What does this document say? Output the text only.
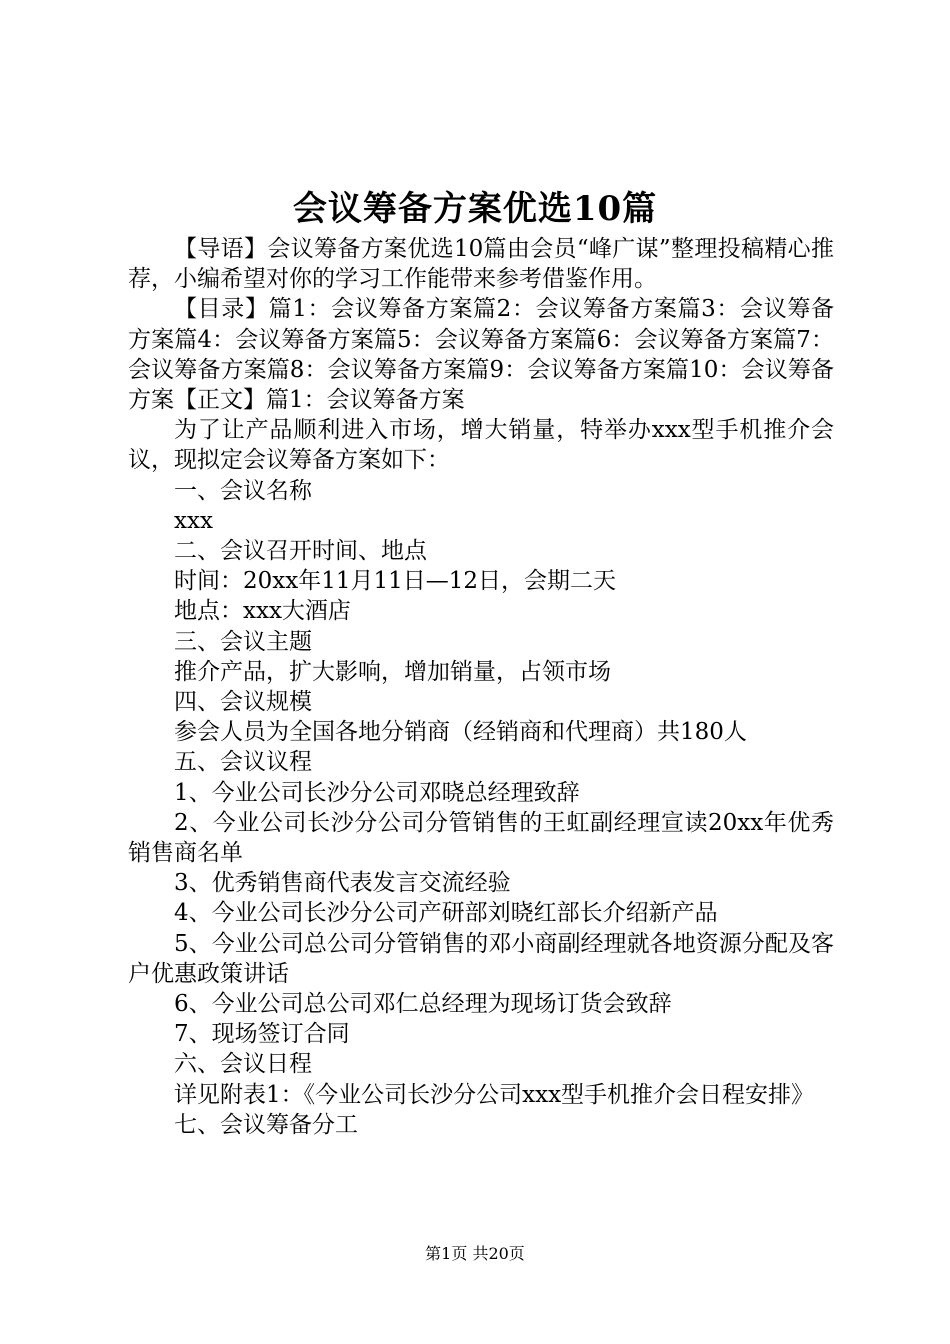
会议筹备方案优选10篇

【导语】会议筹备方案优选10篇由会员“峰广谋”整理投稿精心推荐，小编希望对你的学习工作能带来参考借鉴作用。

【目录】篇1：会议筹备方案篇2：会议筹备方案篇3：会议筹备方案篇4：会议筹备方案篇5：会议筹备方案篇6：会议筹备方案篇7：会议筹备方案篇8：会议筹备方案篇9：会议筹备方案篇10：会议筹备方案【正文】篇1：会议筹备方案

为了让产品顺利进入市场，增大销量，特举办xxx型手机推介会议，现拟定会议筹备方案如下：

一、会议名称

xxx

二、会议召开时间、地点

时间：20xx年11月11日—12日，会期二天

地点：xxx大酒店

三、会议主题

推介产品，扩大影响，增加销量，占领市场

四、会议规模

参会人员为全国各地分销商（经销商和代理商）共180人

五、会议议程

1、今业公司长沙分公司邓晓总经理致辞

2、今业公司长沙分公司分管销售的王虹副经理宣读20xx年优秀销售商名单

3、优秀销售商代表发言交流经验

4、今业公司长沙分公司产研部刘晓红部长介绍新产品

5、今业公司总公司分管销售的邓小商副经理就各地资源分配及客户优惠政策讲话

6、今业公司总公司邓仁总经理为现场订货会致辞

7、现场签订合同

六、会议日程

详见附表1：《今业公司长沙分公司xxx型手机推介会日程安排》

七、会议筹备分工

第1页 共20页
